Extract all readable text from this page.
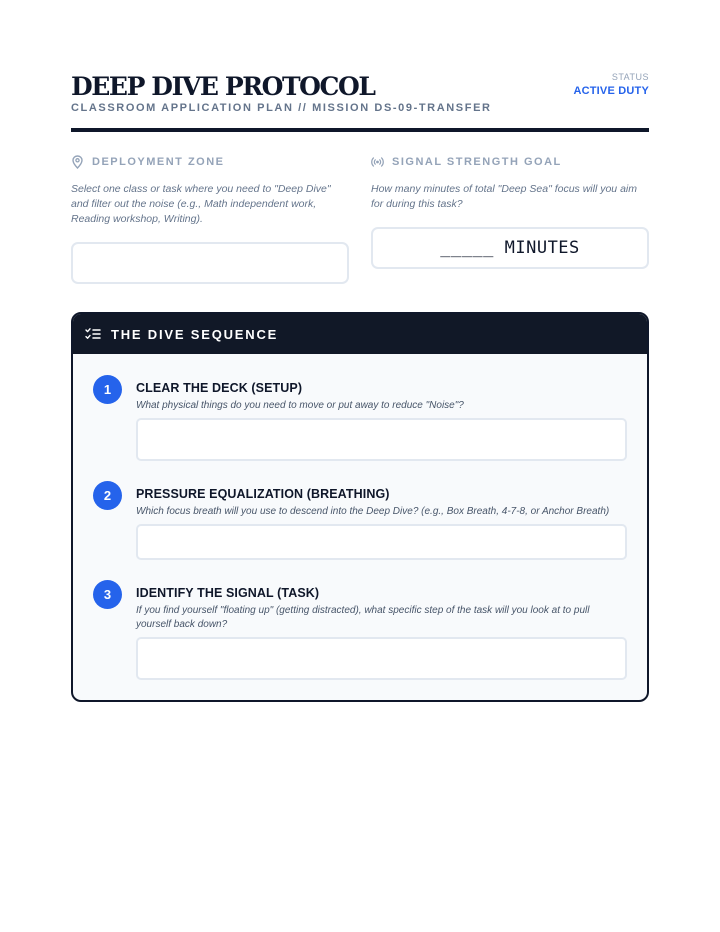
DEEP DIVE PROTOCOL
CLASSROOM APPLICATION PLAN // MISSION DS-09-TRANSFER
STATUS
ACTIVE DUTY
DEPLOYMENT ZONE
Select one class or task where you need to "Deep Dive" and filter out the noise (e.g., Math independent work, Reading workshop, Writing).
SIGNAL STRENGTH GOAL
How many minutes of total "Deep Sea" focus will you aim for during this task?
_____ MINUTES
THE DIVE SEQUENCE
1	CLEAR THE DECK (SETUP)
What physical things do you need to move or put away to reduce "Noise"?
2	PRESSURE EQUALIZATION (BREATHING)
Which focus breath will you use to descend into the Deep Dive? (e.g., Box Breath, 4-7-8, or Anchor Breath)
3	IDENTIFY THE SIGNAL (TASK)
If you find yourself "floating up" (getting distracted), what specific step of the task will you look at to pull yourself back down?
